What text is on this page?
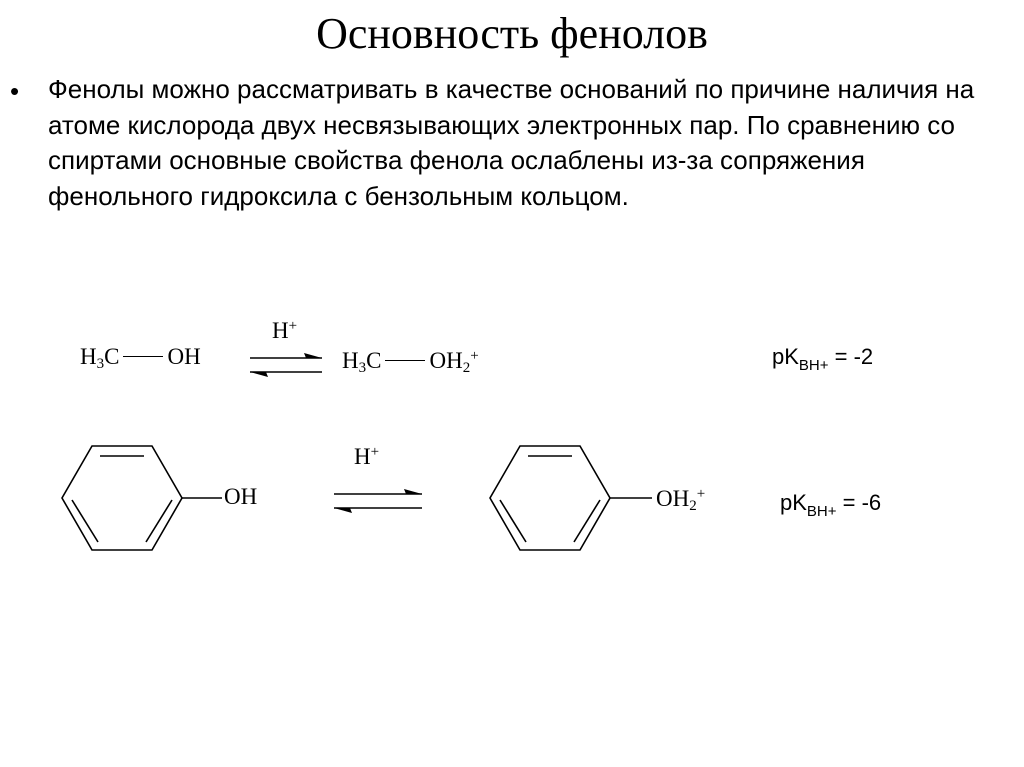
Основность фенолов
• Фенолы можно рассматривать в качестве оснований по причине наличия на атоме кислорода двух несвязывающих электронных пар. По сравнению со спиртами основные свойства фенола ослаблены из-за сопряжения фенольного гидроксила с бензольным кольцом.
$H_3C$ OH
H+
$H_3C$ $OH_2^+$	$pK_{BH+} = -2$
OH
H+
$OH_2^+$	$pK_{BH+} = -6$
